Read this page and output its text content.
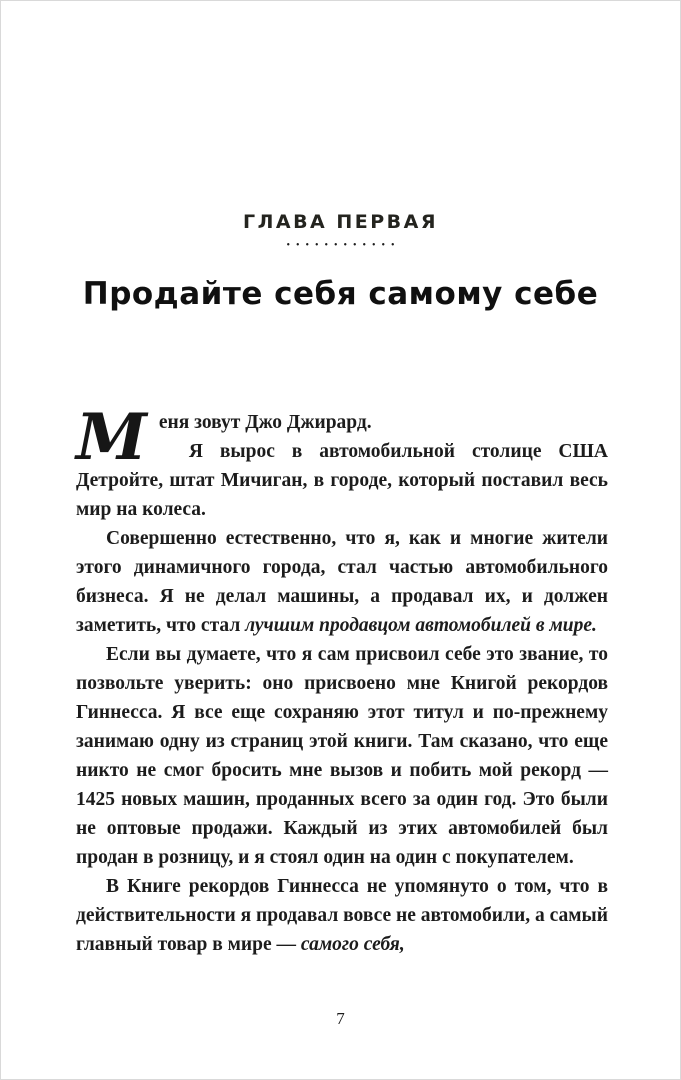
ГЛАВА ПЕРВАЯ
••••••••••••
Продайте себя самому себе
М еня зовут Джо Джирард.

Я вырос в автомобильной столице США Детройте, штат Мичиган, в городе, который поставил весь мир на колеса.

Совершенно естественно, что я, как и многие жители этого динамичного города, стал частью автомобильного бизнеса. Я не делал машины, а продавал их, и должен заметить, что стал лучшим продавцом автомобилей в мире.

Если вы думаете, что я сам присвоил себе это звание, то позвольте уверить: оно присвоено мне Книгой рекордов Гиннесса. Я все еще сохраняю этот титул и по-прежнему занимаю одну из страниц этой книги. Там сказано, что еще никто не смог бросить мне вызов и побить мой рекорд — 1425 новых машин, проданных всего за один год. Это были не оптовые продажи. Каждый из этих автомобилей был продан в розницу, и я стоял один на один с покупателем.

В Книге рекордов Гиннесса не упомянуто о том, что в действительности я продавал вовсе не автомобили, а самый главный товар в мире — самого себя,

7
